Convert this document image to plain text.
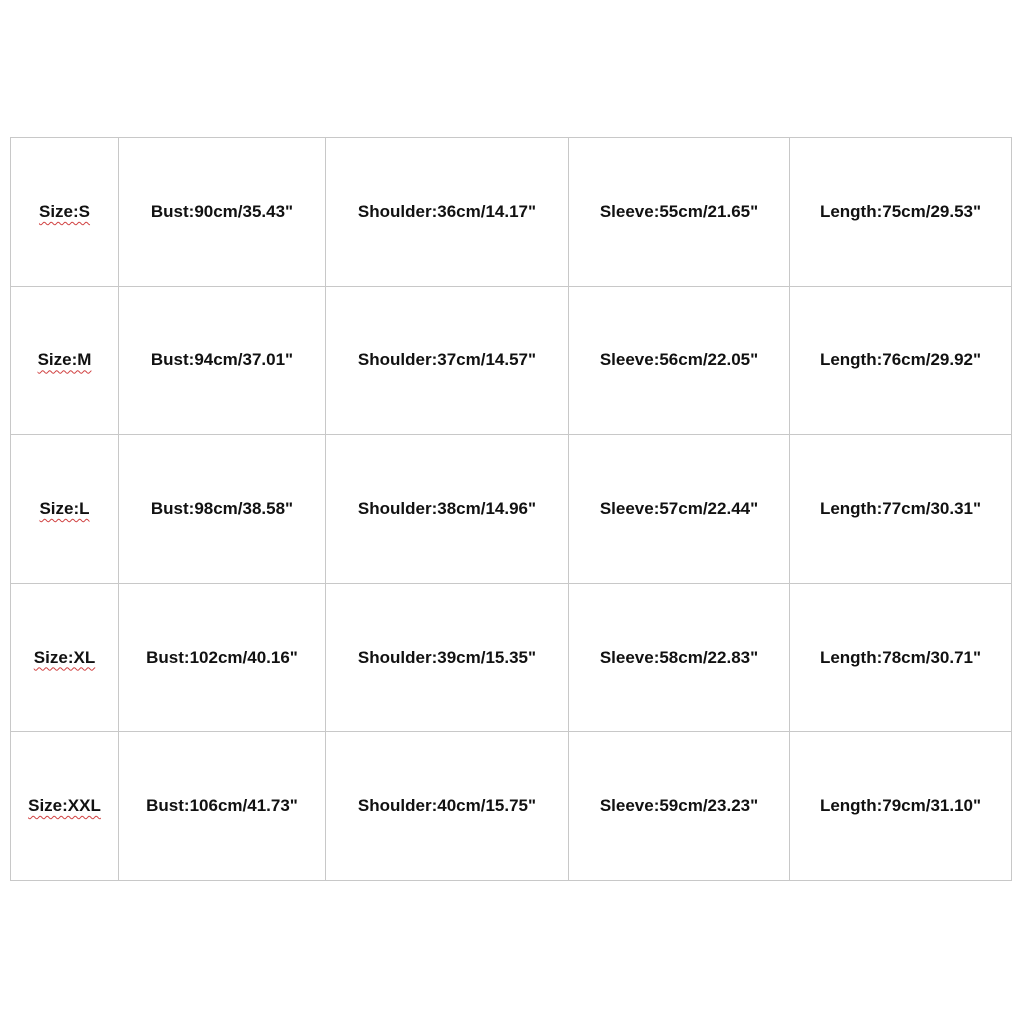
Size:S	Bust:90cm/35.43"	Shoulder:36cm/14.17"	Sleeve:55cm/21.65"	Length:75cm/29.53"
Size:M	Bust:94cm/37.01"	Shoulder:37cm/14.57"	Sleeve:56cm/22.05"	Length:76cm/29.92"
Size:L	Bust:98cm/38.58"	Shoulder:38cm/14.96"	Sleeve:57cm/22.44"	Length:77cm/30.31"
Size:XL	Bust:102cm/40.16"	Shoulder:39cm/15.35"	Sleeve:58cm/22.83"	Length:78cm/30.71"
Size:XXL	Bust:106cm/41.73"	Shoulder:40cm/15.75"	Sleeve:59cm/23.23"	Length:79cm/31.10"
